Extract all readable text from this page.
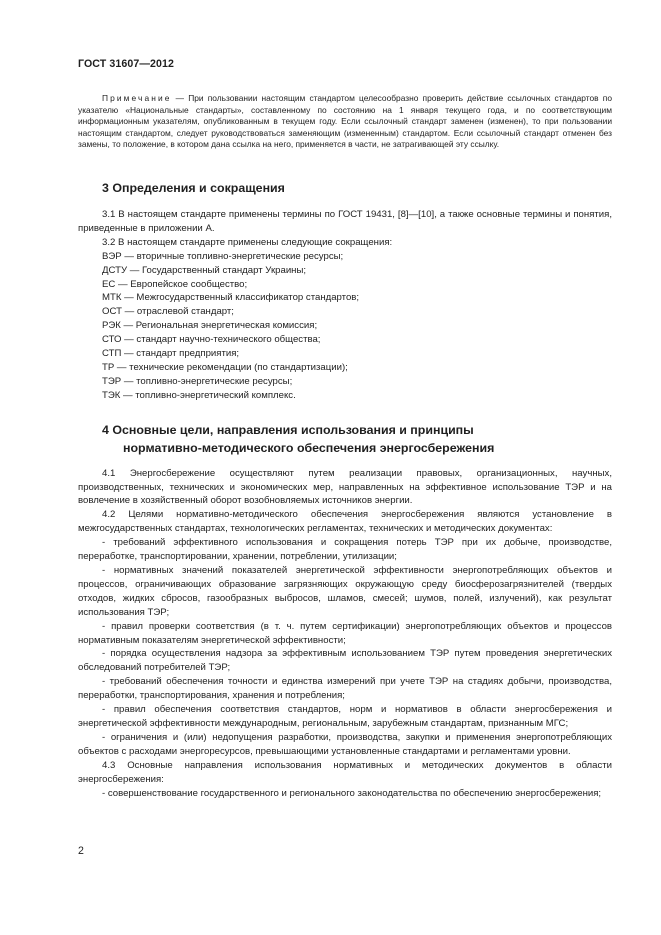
ГОСТ 31607—2012

Примечание — При пользовании настоящим стандартом целесообразно проверить действие ссылочных стандартов по указателю «Национальные стандарты», составленному по состоянию на 1 января текущего года, и по соответствующим информационным указателям, опубликованным в текущем году. Если ссылочный стандарт заменен (изменен), то при пользовании настоящим стандартом, следует руководствоваться заменяющим (измененным) стандартом. Если ссылочный стандарт отменен без замены, то положение, в котором дана ссылка на него, применяется в части, не затрагивающей эту ссылку.

3 Определения и сокращения

3.1 В настоящем стандарте применены термины по ГОСТ 19431, [8]—[10], а также основные термины и понятия, приведенные в приложении А.

3.2 В настоящем стандарте применены следующие сокращения:

ВЭР — вторичные топливно-энергетические ресурсы;
ДСТУ — Государственный стандарт Украины;
ЕС — Европейское сообщество;
МТК — Межгосударственный классификатор стандартов;
ОСТ — отраслевой стандарт;
РЭК — Региональная энергетическая комиссия;
СТО — стандарт научно-технического общества;
СТП — стандарт предприятия;
ТР — технические рекомендации (по стандартизации);
ТЭР — топливно-энергетические ресурсы;
ТЭК — топливно-энергетический комплекс.
4 Основные цели, направления использования и принципы
нормативно-методического обеспечения энергосбережения

4.1 Энергосбережение осуществляют путем реализации правовых, организационных, научных, производственных, технических и экономических мер, направленных на эффективное использование ТЭР и на вовлечение в хозяйственный оборот возобновляемых источников энергии.

4.2 Целями нормативно-методического обеспечения энергосбережения являются установление в межгосударственных стандартах, технологических регламентах, технических и методических документах:

- требований эффективного использования и сокращения потерь ТЭР при их добыче, производстве, переработке, транспортировании, хранении, потреблении, утилизации;

- нормативных значений показателей энергетической эффективности энергопотребляющих объектов и процессов, ограничивающих образование загрязняющих окружающую среду биосферозагрязнителей (твердых отходов, жидких сбросов, газообразных выбросов, шламов, смесей; шумов, полей, излучений), как результат использования ТЭР;

- правил проверки соответствия (в т. ч. путем сертификации) энергопотребляющих объектов и процессов нормативным показателям энергетической эффективности;

- порядка осуществления надзора за эффективным использованием ТЭР путем проведения энергетических обследований потребителей ТЭР;

- требований обеспечения точности и единства измерений при учете ТЭР на стадиях добычи, производства, переработки, транспортирования, хранения и потребления;

- правил обеспечения соответствия стандартов, норм и нормативов в области энергосбережения и энергетической эффективности международным, региональным, зарубежным стандартам, признанным МГС;

- ограничения и (или) недопущения разработки, производства, закупки и применения энергопотребляющих объектов с расходами энергоресурсов, превышающими установленные стандартами и регламентами уровни.

4.3 Основные направления использования нормативных и методических документов в области энергосбережения:

- совершенствование государственного и регионального законодательства по обеспечению энергосбережения;

2
